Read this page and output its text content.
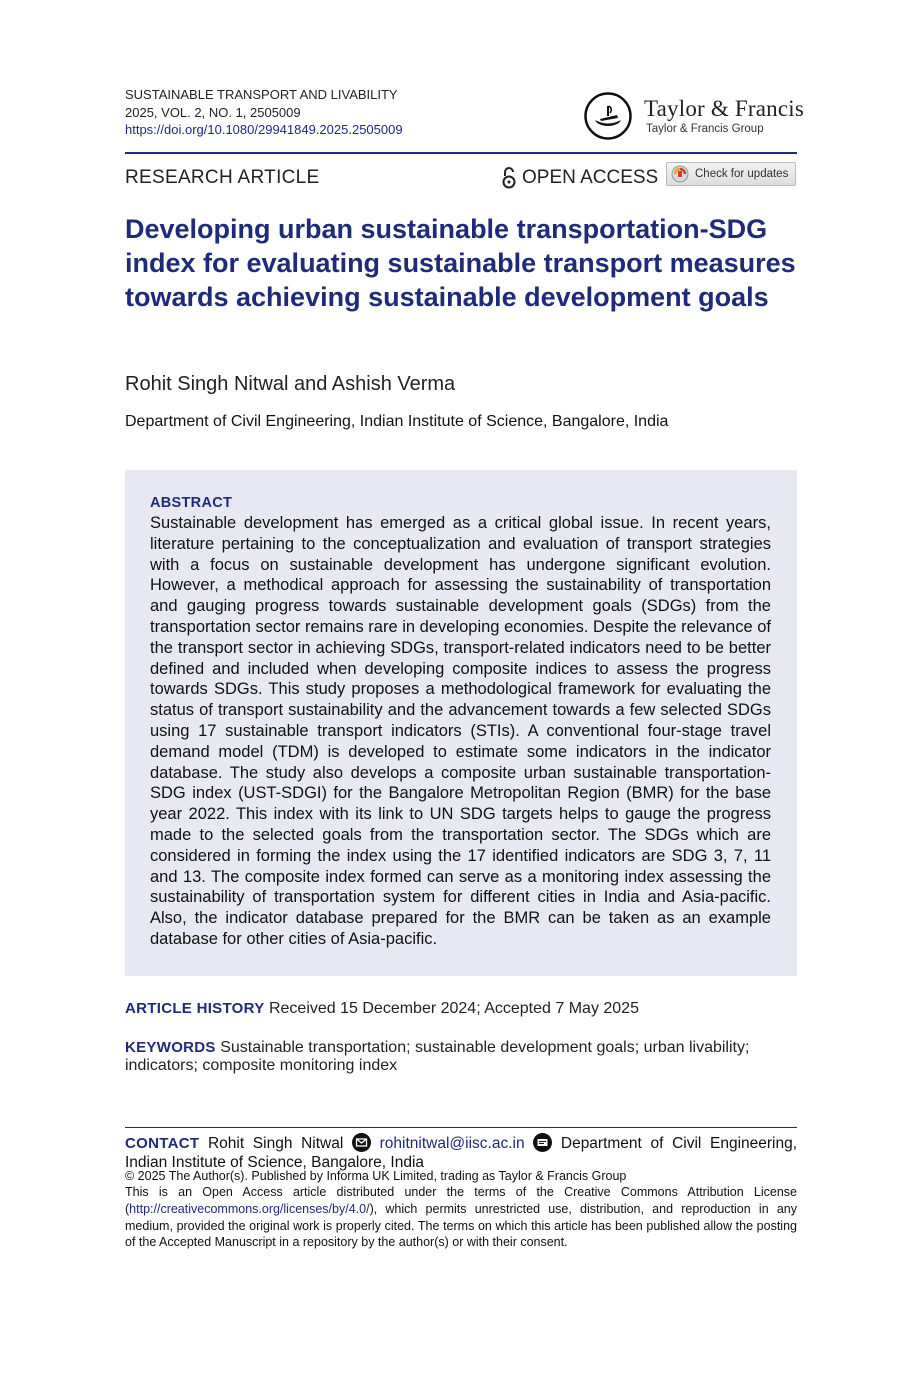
SUSTAINABLE TRANSPORT AND LIVABILITY
2025, VOL. 2, NO. 1, 2505009
https://doi.org/10.1080/29941849.2025.2505009
Taylor & Francis
Taylor & Francis Group
RESEARCH ARTICLE	OPEN ACCESS	Check for updates
Developing urban sustainable transportation-SDG index for evaluating sustainable transport measures towards achieving sustainable development goals
Rohit Singh Nitwal and Ashish Verma
Department of Civil Engineering, Indian Institute of Science, Bangalore, India
ABSTRACT

Sustainable development has emerged as a critical global issue. In recent years, literature pertaining to the conceptualization and evaluation of transport strategies with a focus on sustainable development has undergone significant evolution. However, a methodical approach for assessing the sustainability of transportation and gauging progress towards sustainable development goals (SDGs) from the transportation sector remains rare in developing economies. Despite the relevance of the transport sector in achieving SDGs, transport-related indicators need to be better defined and included when developing composite indices to assess the progress towards SDGs. This study proposes a methodological framework for evaluating the status of transport sustainability and the advancement towards a few selected SDGs using 17 sustainable transport indicators (STIs). A conventional four-stage travel demand model (TDM) is developed to estimate some indicators in the indicator database. The study also develops a composite urban sustainable transportation-SDG index (UST-SDGI) for the Bangalore Metropolitan Region (BMR) for the base year 2022. This index with its link to UN SDG targets helps to gauge the progress made to the selected goals from the transportation sector. The SDGs which are considered in forming the index using the 17 identified indicators are SDG 3, 7, 11 and 13. The composite index formed can serve as a monitoring index assessing the sustainability of transportation system for different cities in India and Asia-pacific. Also, the indicator database prepared for the BMR can be taken as an example database for other cities of Asia-pacific.

ARTICLE HISTORY Received 15 December 2024; Accepted 7 May 2025
KEYWORDS Sustainable transportation; sustainable development goals; urban livability; indicators; composite monitoring index
CONTACT Rohit Singh Nitwal rohitnitwal@iisc.ac.in Department of Civil Engineering, Indian Institute of Science, Bangalore, India
© 2025 The Author(s). Published by Informa UK Limited, trading as Taylor & Francis Group

This is an Open Access article distributed under the terms of the Creative Commons Attribution License (http://creativecommons.org/licenses/by/4.0/), which permits unrestricted use, distribution, and reproduction in any medium, provided the original work is properly cited. The terms on which this article has been published allow the posting of the Accepted Manuscript in a repository by the author(s) or with their consent.
